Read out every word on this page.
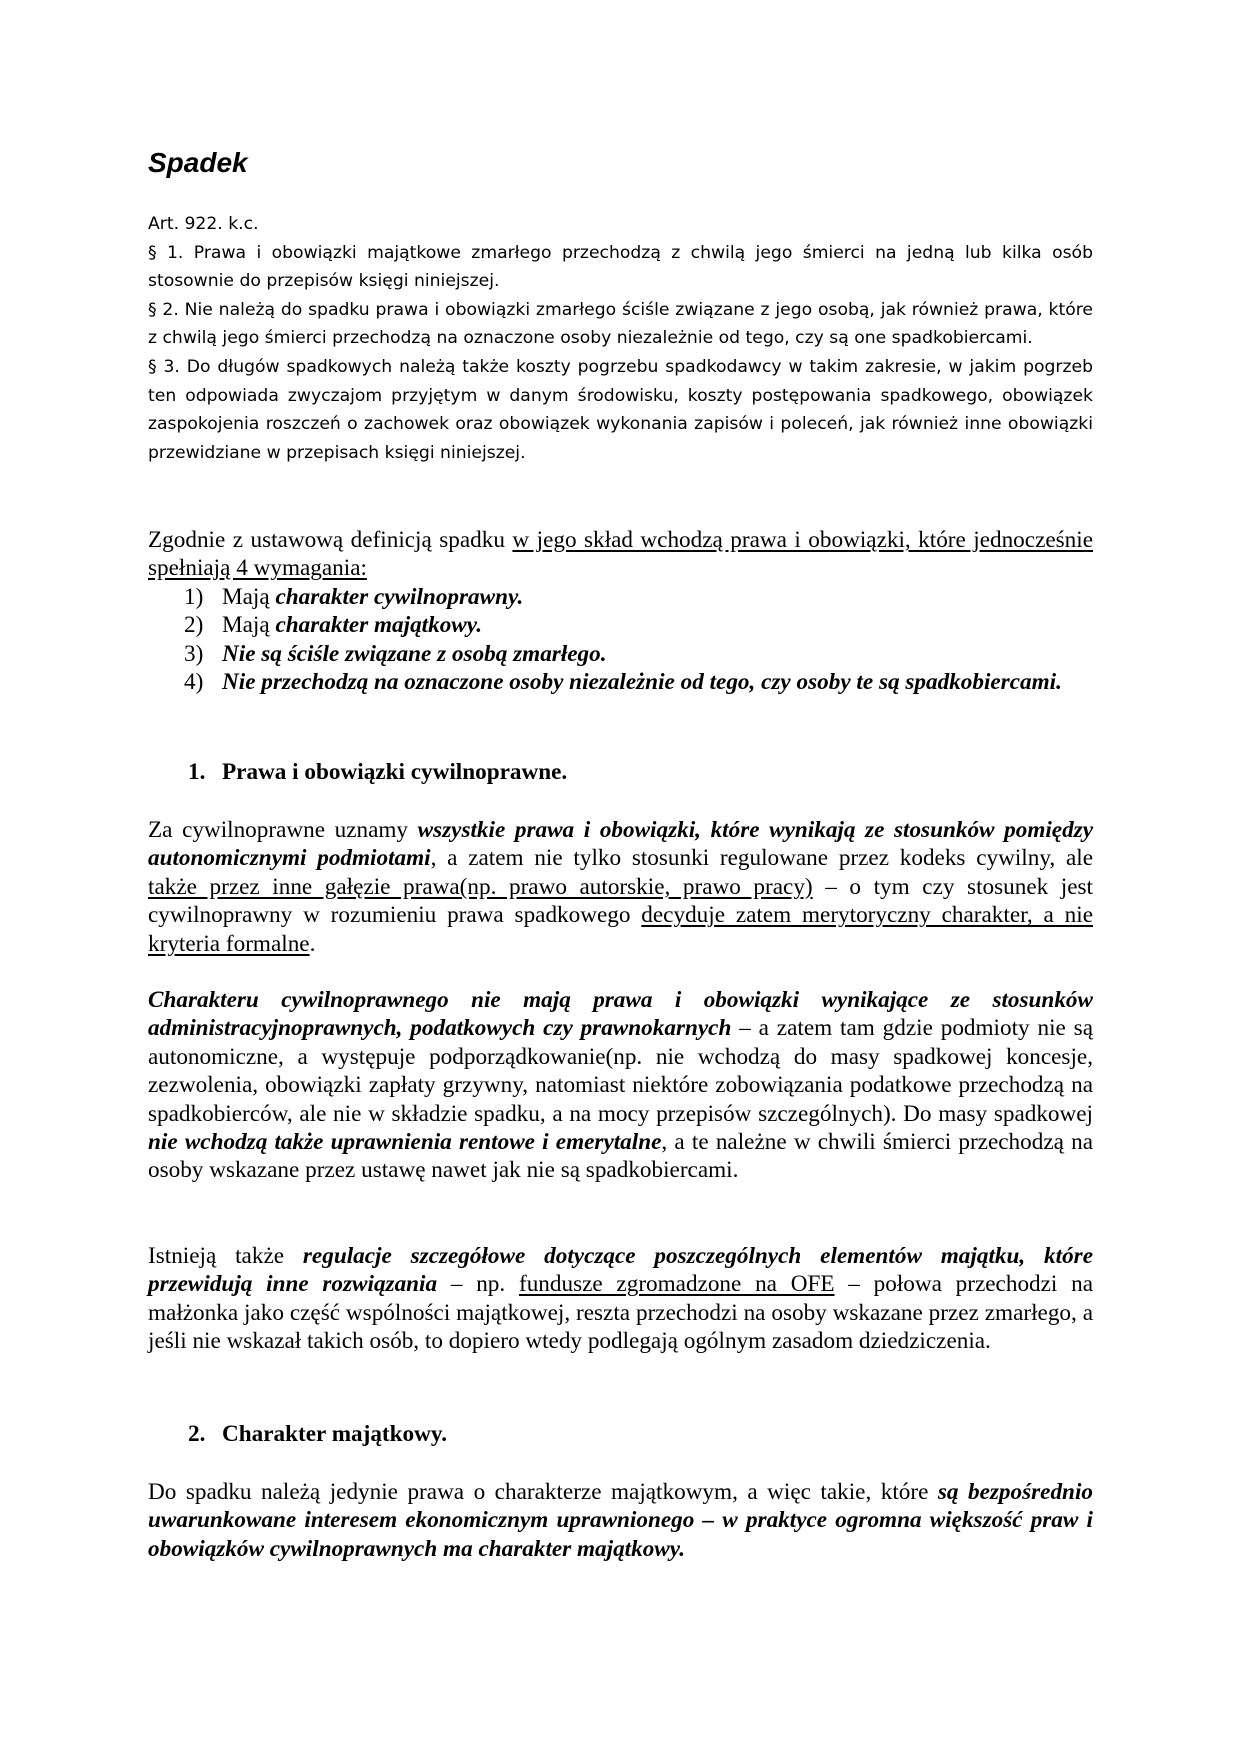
Spadek

Art. 922. k.c.

§ 1. Prawa i obowiązki majątkowe zmarłego przechodzą z chwilą jego śmierci na jedną lub kilka osób stosownie do przepisów księgi niniejszej.

§ 2. Nie należą do spadku prawa i obowiązki zmarłego ściśle związane z jego osobą, jak również prawa, które z chwilą jego śmierci przechodzą na oznaczone osoby niezależnie od tego, czy są one spadkobiercami.

§ 3. Do długów spadkowych należą także koszty pogrzebu spadkodawcy w takim zakresie, w jakim pogrzeb ten odpowiada zwyczajom przyjętym w danym środowisku, koszty postępowania spadkowego, obowiązek zaspokojenia roszczeń o zachowek oraz obowiązek wykonania zapisów i poleceń, jak również inne obowiązki przewidziane w przepisach księgi niniejszej.

Zgodnie z ustawową definicją spadku w jego skład wchodzą prawa i obowiązki, które jednocześnie spełniają 4 wymagania:

1) Mają charakter cywilnoprawny.
2) Mają charakter majątkowy.
3) Nie są ściśle związane z osobą zmarłego.
4) Nie przechodzą na oznaczone osoby niezależnie od tego, czy osoby te są spadkobiercami.
1. Prawa i obowiązki cywilnoprawne.

Za cywilnoprawne uznamy wszystkie prawa i obowiązki, które wynikają ze stosunków pomiędzy autonomicznymi podmiotami, a zatem nie tylko stosunki regulowane przez kodeks cywilny, ale także przez inne gałęzie prawa(np. prawo autorskie, prawo pracy) – o tym czy stosunek jest cywilnoprawny w rozumieniu prawa spadkowego decyduje zatem merytoryczny charakter, a nie kryteria formalne.

Charakteru cywilnoprawnego nie mają prawa i obowiązki wynikające ze stosunków administracyjnoprawnych, podatkowych czy prawnokarnych – a zatem tam gdzie podmioty nie są autonomiczne, a występuje podporządkowanie(np. nie wchodzą do masy spadkowej koncesje, zezwolenia, obowiązki zapłaty grzywny, natomiast niektóre zobowiązania podatkowe przechodzą na spadkobierców, ale nie w składzie spadku, a na mocy przepisów szczególnych). Do masy spadkowej nie wchodzą także uprawnienia rentowe i emerytalne, a te należne w chwili śmierci przechodzą na osoby wskazane przez ustawę nawet jak nie są spadkobiercami.

Istnieją także regulacje szczegółowe dotyczące poszczególnych elementów majątku, które przewidują inne rozwiązania – np. fundusze zgromadzone na OFE – połowa przechodzi na małżonka jako część wspólności majątkowej, reszta przechodzi na osoby wskazane przez zmarłego, a jeśli nie wskazał takich osób, to dopiero wtedy podlegają ogólnym zasadom dziedziczenia.

2. Charakter majątkowy.

Do spadku należą jedynie prawa o charakterze majątkowym, a więc takie, które są bezpośrednio uwarunkowane interesem ekonomicznym uprawnionego – w praktyce ogromna większość praw i obowiązków cywilnoprawnych ma charakter majątkowy.
